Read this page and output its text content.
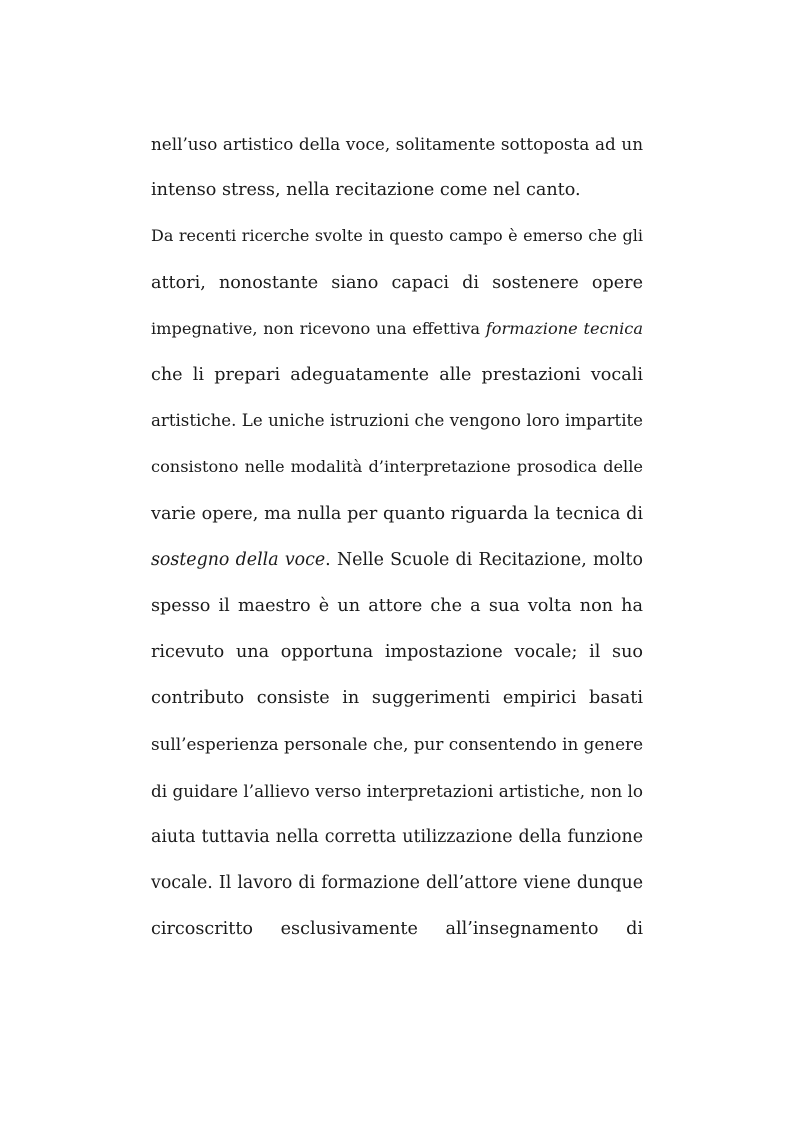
nell’uso artistico della voce, solitamente sottoposta ad un
intenso stress, nella recitazione come nel canto.
Da recenti ricerche svolte in questo campo è emerso che gli
attori, nonostante siano capaci di sostenere opere
impegnative, non ricevono una effettiva formazione tecnica
che li prepari adeguatamente alle prestazioni vocali
artistiche. Le uniche istruzioni che vengono loro impartite
consistono nelle modalità d’interpretazione prosodica delle
varie opere, ma nulla per quanto riguarda la tecnica di
sostegno della voce. Nelle Scuole di Recitazione, molto
spesso il maestro è un attore che a sua volta non ha
ricevuto una opportuna impostazione vocale; il suo
contributo consiste in suggerimenti empirici basati
sull’esperienza personale che, pur consentendo in genere
di guidare l’allievo verso interpretazioni artistiche, non lo
aiuta tuttavia nella corretta utilizzazione della funzione
vocale. Il lavoro di formazione dell’attore viene dunque
circoscritto esclusivamente all’insegnamento di
